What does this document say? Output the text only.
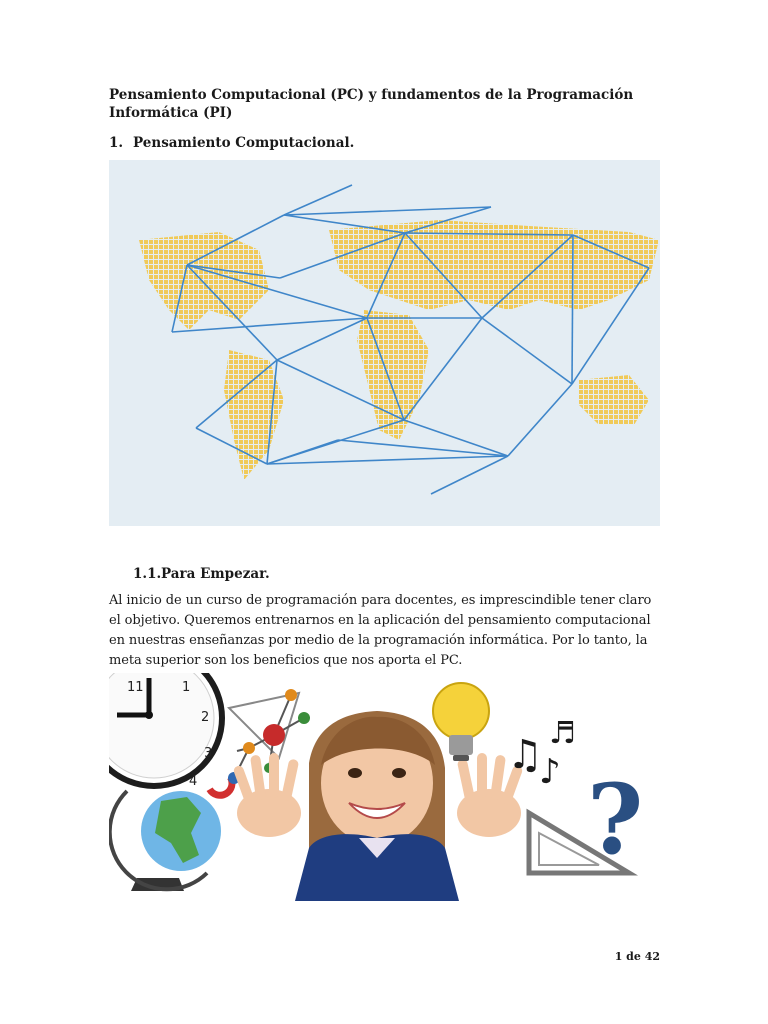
Pensamiento Computacional (PC) y fundamentos de la Programación Informática (PI)
1. Pensamiento Computacional.
1.1.Para Empezar.
Al inicio de un curso de programación para docentes, es imprescindible tener claro el objetivo. Queremos entrenarnos en la aplicación del pensamiento computacional en nuestras enseñanzas por medio de la programación informática. Por lo tanto, la meta superior son los beneficios que nos aporta el PC.
11	1
2
3
4
♫
♪
♬
?
1 de 42
